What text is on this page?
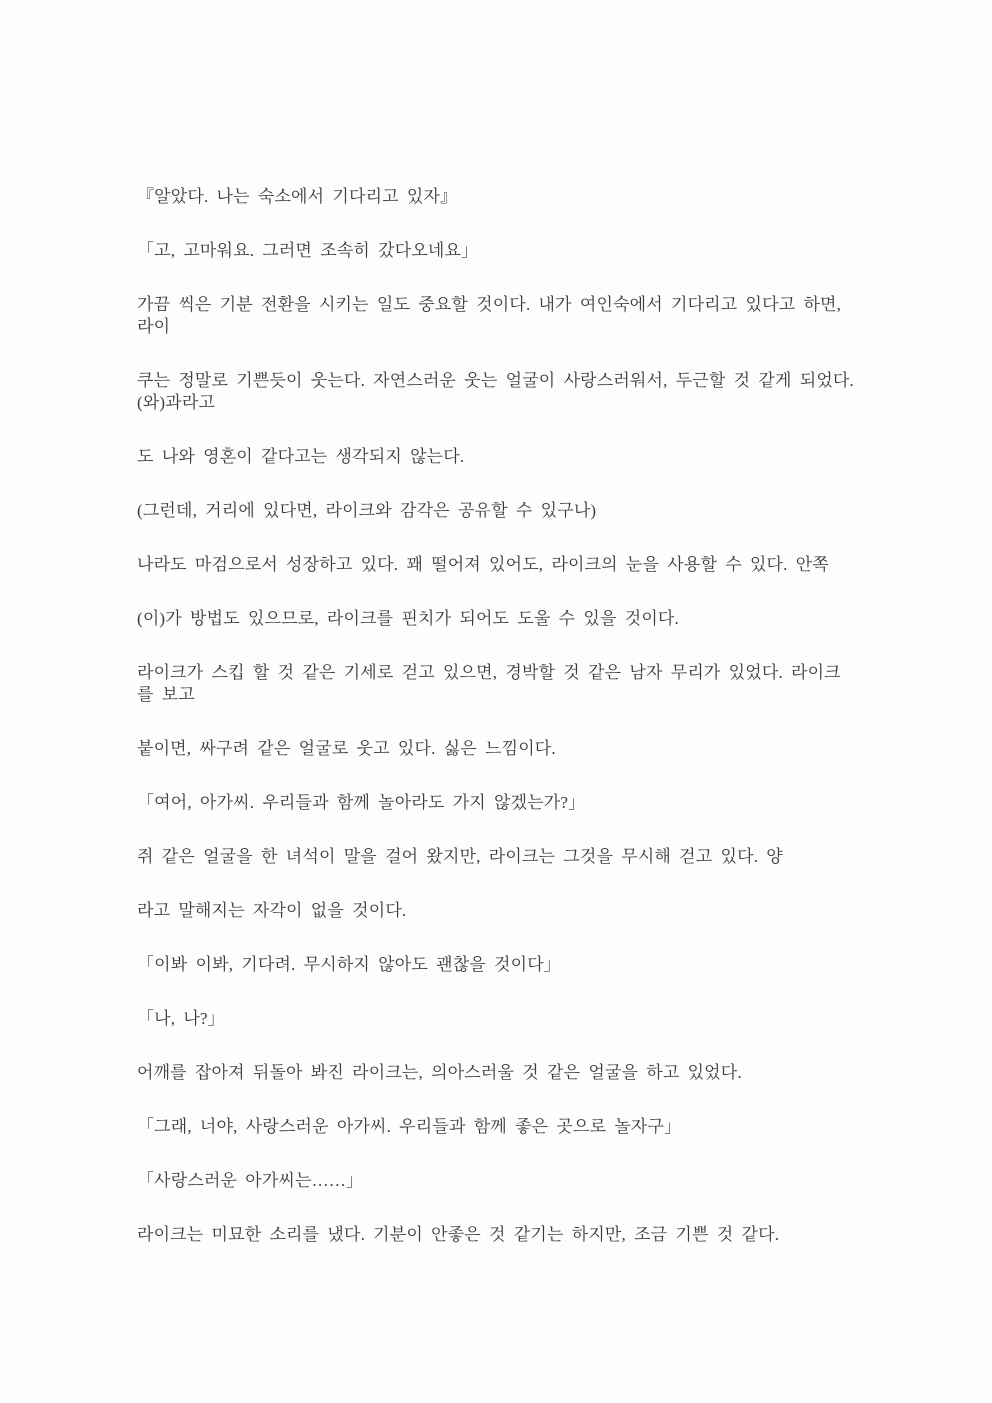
『알았다. 나는 숙소에서 기다리고 있자』

「고, 고마워요. 그러면 조속히 갔다오네요」

가끔 씩은 기분 전환을 시키는 일도 중요할 것이다. 내가 여인숙에서 기다리고 있다고 하면,
라이

쿠는 정말로 기쁜듯이 웃는다. 자연스러운 웃는 얼굴이 사랑스러워서, 두근할 것 같게 되었다.
(와)과라고

도 나와 영혼이 같다고는 생각되지 않는다.

(그런데, 거리에 있다면, 라이크와 감각은 공유할 수 있구나)

나라도 마검으로서 성장하고 있다. 꽤 떨어져 있어도, 라이크의 눈을 사용할 수 있다. 안쪽

(이)가 방법도 있으므로, 라이크를 핀치가 되어도 도울 수 있을 것이다.

라이크가 스킵 할 것 같은 기세로 걷고 있으면, 경박할 것 같은 남자 무리가 있었다. 라이크
를 보고

붙이면, 싸구려 같은 얼굴로 웃고 있다. 싫은 느낌이다.

「여어, 아가씨. 우리들과 함께 놀아라도 가지 않겠는가?」

쥐 같은 얼굴을 한 녀석이 말을 걸어 왔지만, 라이크는 그것을 무시해 걷고 있다. 양

라고 말해지는 자각이 없을 것이다.

「이봐 이봐, 기다려. 무시하지 않아도 괜찮을 것이다」

「나, 나?」

어깨를 잡아져 뒤돌아 봐진 라이크는, 의아스러울 것 같은 얼굴을 하고 있었다.

「그래, 너야, 사랑스러운 아가씨. 우리들과 함께 좋은 곳으로 놀자구」

「사랑스러운 아가씨는……」

라이크는 미묘한 소리를 냈다. 기분이 안좋은 것 같기는 하지만, 조금 기쁜 것 같다.
